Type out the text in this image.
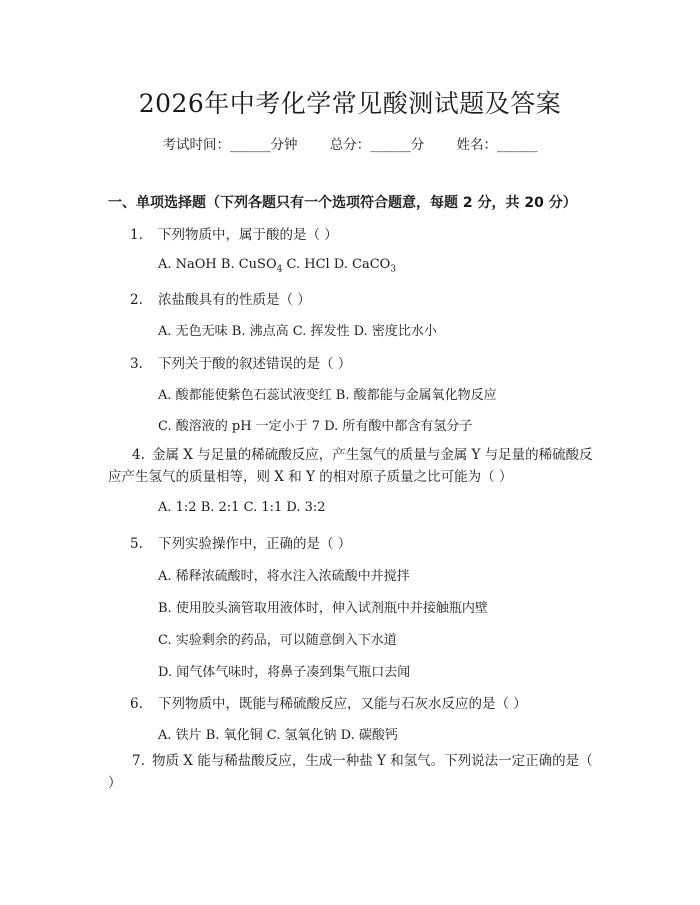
2026年中考化学常见酸测试题及答案
考试时间：______分钟 总分：______分 姓名：______
一、单项选择题（下列各题只有一个选项符合题意，每题 2 分，共 20 分）
1. 下列物质中，属于酸的是（ ）
A. NaOH B. CuSO$_4$ C. HCl D. CaCO$_3$
2. 浓盐酸具有的性质是（ ）
A. 无色无味 B. 沸点高 C. 挥发性 D. 密度比水小
3. 下列关于酸的叙述错误的是（ ）
A. 酸都能使紫色石蕊试液变红 B. 酸都能与金属氧化物反应
C. 酸溶液的 pH 一定小于 7 D. 所有酸中都含有氢分子
4. 金属 X 与足量的稀硫酸反应，产生氢气的质量与金属 Y 与足量的稀硫酸反应产生氢气的质量相等，则 X 和 Y 的相对原子质量之比可能为（ ）
A. 1:2 B. 2:1 C. 1:1 D. 3:2
5. 下列实验操作中，正确的是（ ）
A. 稀释浓硫酸时，将水注入浓硫酸中并搅拌
B. 使用胶头滴管取用液体时，伸入试剂瓶中并接触瓶内壁
C. 实验剩余的药品，可以随意倒入下水道
D. 闻气体气味时，将鼻子凑到集气瓶口去闻
6. 下列物质中，既能与稀硫酸反应，又能与石灰水反应的是（ ）
A. 铁片 B. 氧化铜 C. 氢氧化钠 D. 碳酸钙
7. 物质 X 能与稀盐酸反应，生成一种盐 Y 和氢气。下列说法一定正确的是（ ）
